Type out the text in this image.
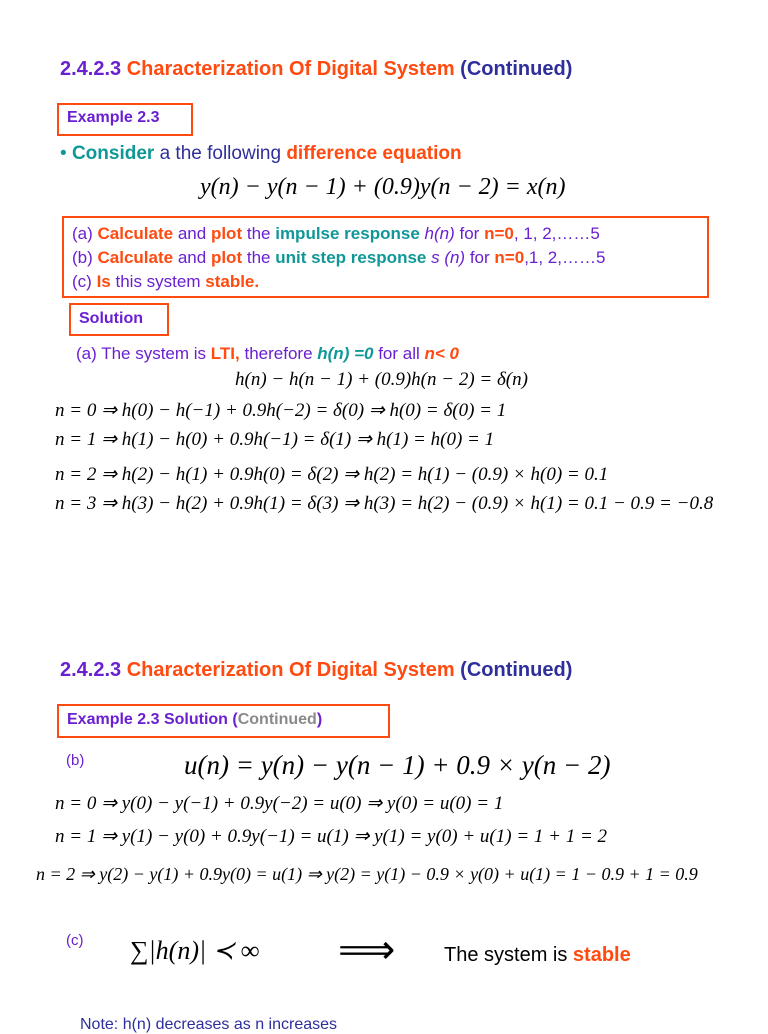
2.4.2.3 Characterization Of Digital System (Continued)
Example 2.3
• Consider a the following difference equation
y(n) − y(n − 1) + (0.9)y(n − 2) = x(n)
(a) Calculate and plot the impulse response h(n) for n=0, 1, 2,……5
(b) Calculate and plot the unit step response s (n) for n=0,1, 2,……5
(c) Is this system stable.
Solution
(a) The system is LTI, therefore h(n) =0 for all n< 0
h(n) − h(n − 1) + (0.9)h(n − 2) = δ(n)
n = 0 ⇒ h(0) − h(−1) + 0.9h(−2) = δ(0) ⇒ h(0) = δ(0) = 1
n = 1 ⇒ h(1) − h(0) + 0.9h(−1) = δ(1) ⇒ h(1) = h(0) = 1
n = 2 ⇒ h(2) − h(1) + 0.9h(0) = δ(2) ⇒ h(2) = h(1) − (0.9) × h(0) = 0.1
n = 3 ⇒ h(3) − h(2) + 0.9h(1) = δ(3) ⇒ h(3) = h(2) − (0.9) × h(1) = 0.1 − 0.9 = −0.8
2.4.2.3 Characterization Of Digital System (Continued)
Example 2.3 Solution (Continued)
(b)	u(n) = y(n) − y(n − 1) + 0.9 × y(n − 2)
n = 0 ⇒ y(0) − y(−1) + 0.9y(−2) = u(0) ⇒ y(0) = u(0) = 1
n = 1 ⇒ y(1) − y(0) + 0.9y(−1) = u(1) ⇒ y(1) = y(0) + u(1) = 1 + 1 = 2
n = 2 ⇒ y(2) − y(1) + 0.9y(0) = u(1) ⇒ y(2) = y(1) − 0.9 × y(0) + u(1) = 1 − 0.9 + 1 = 0.9
(c) ∑|h(n)| ≺ ∞ ⟹ The system is stable
Note: h(n) decreases as n increases
